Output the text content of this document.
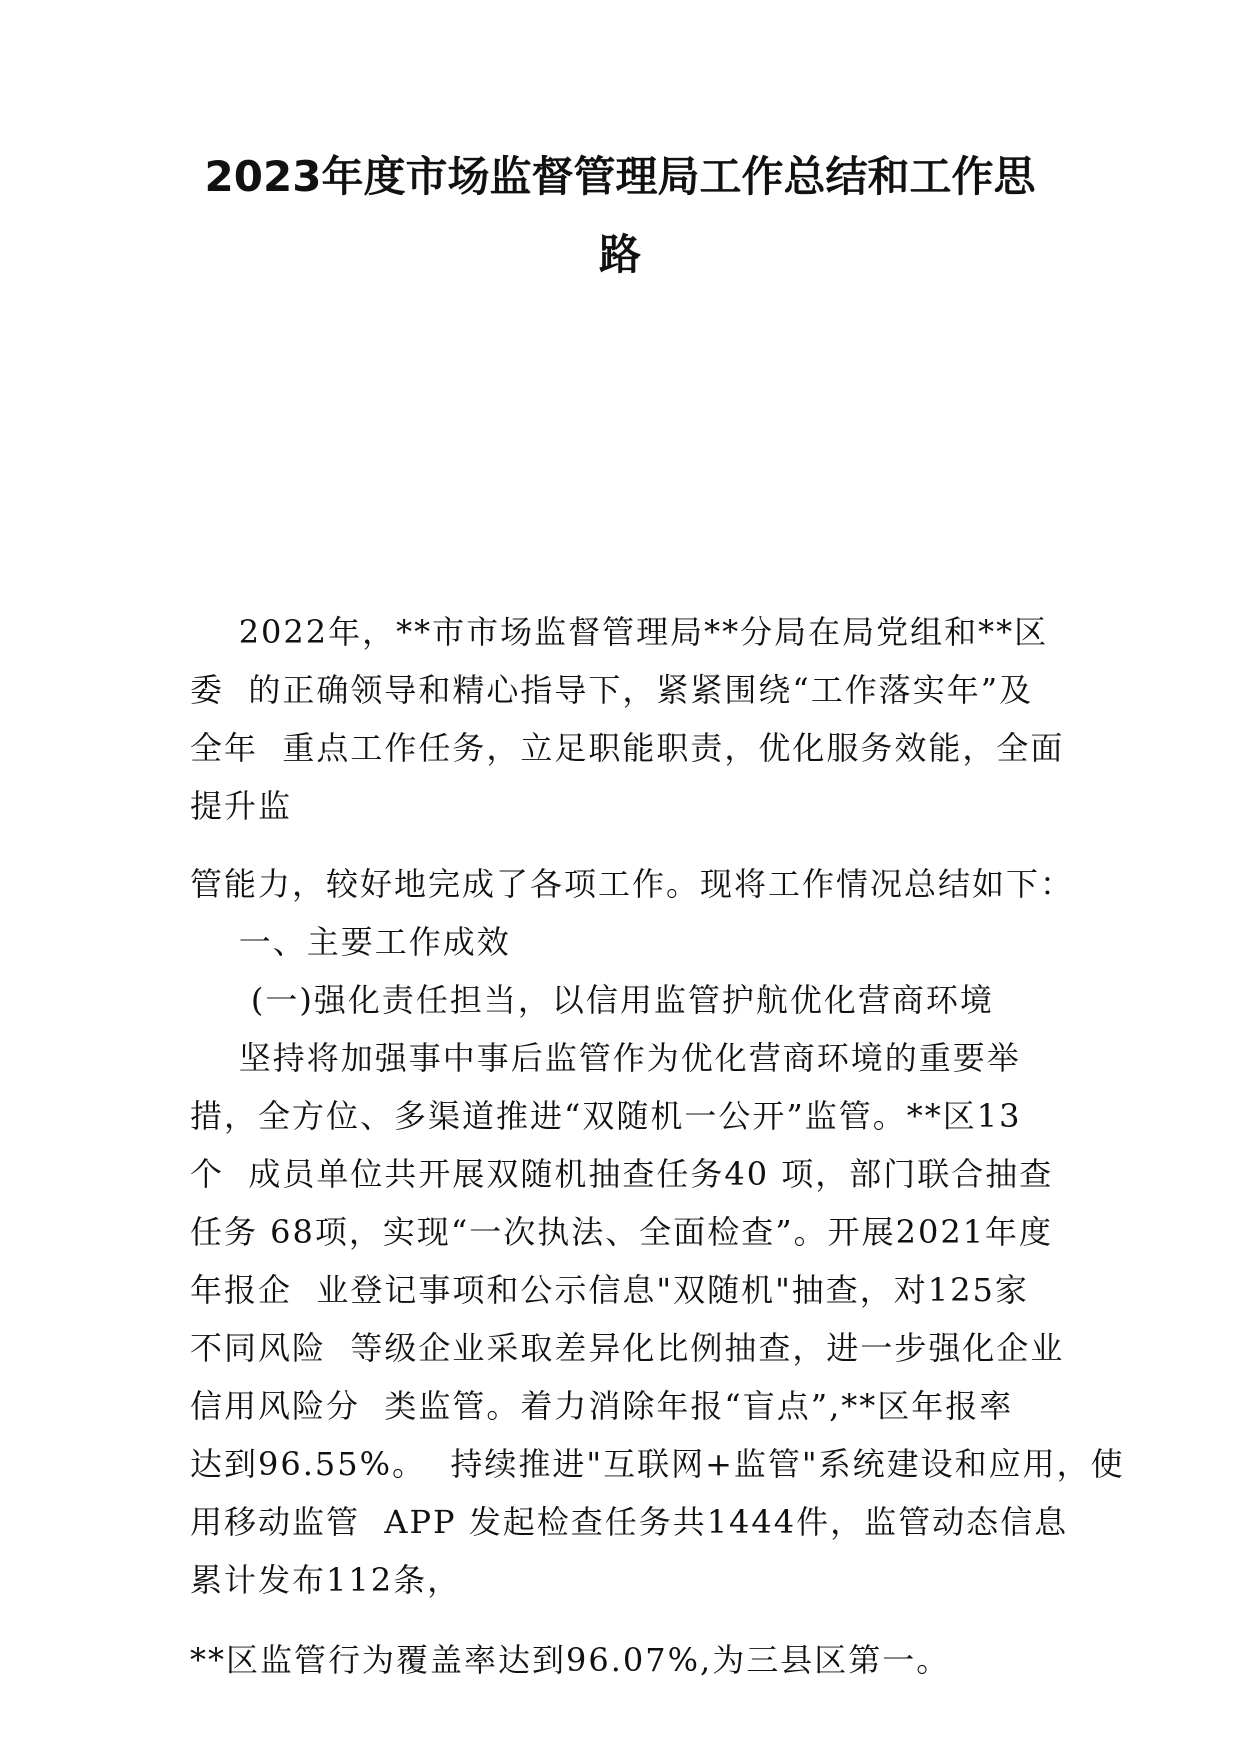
2023年度市场监督管理局工作总结和工作思
路

2022年，**市市场监督管理局**分局在局党组和**区

委  的正确领导和精心指导下，紧紧围绕“工作落实年”及

全年  重点工作任务，立足职能职责，优化服务效能，全面

提升监

管能力，较好地完成了各项工作。现将工作情况总结如下：

一、主要工作成效

(一)强化责任担当，以信用监管护航优化营商环境

坚持将加强事中事后监管作为优化营商环境的重要举

措，全方位、多渠道推进“双随机一公开”监管。**区13

个  成员单位共开展双随机抽查任务40 项，部门联合抽查

任务 68项，实现“一次执法、全面检查”。开展2021年度

年报企  业登记事项和公示信息"双随机"抽查，对125家

不同风险  等级企业采取差异化比例抽查，进一步强化企业

信用风险分  类监管。着力消除年报“盲点”,**区年报率

达到96.55%。  持续推进"互联网+监管"系统建设和应用，使

用移动监管  APP 发起检查任务共1444件，监管动态信息

累计发布112条，

**区监管行为覆盖率达到96.07%,为三县区第一。
